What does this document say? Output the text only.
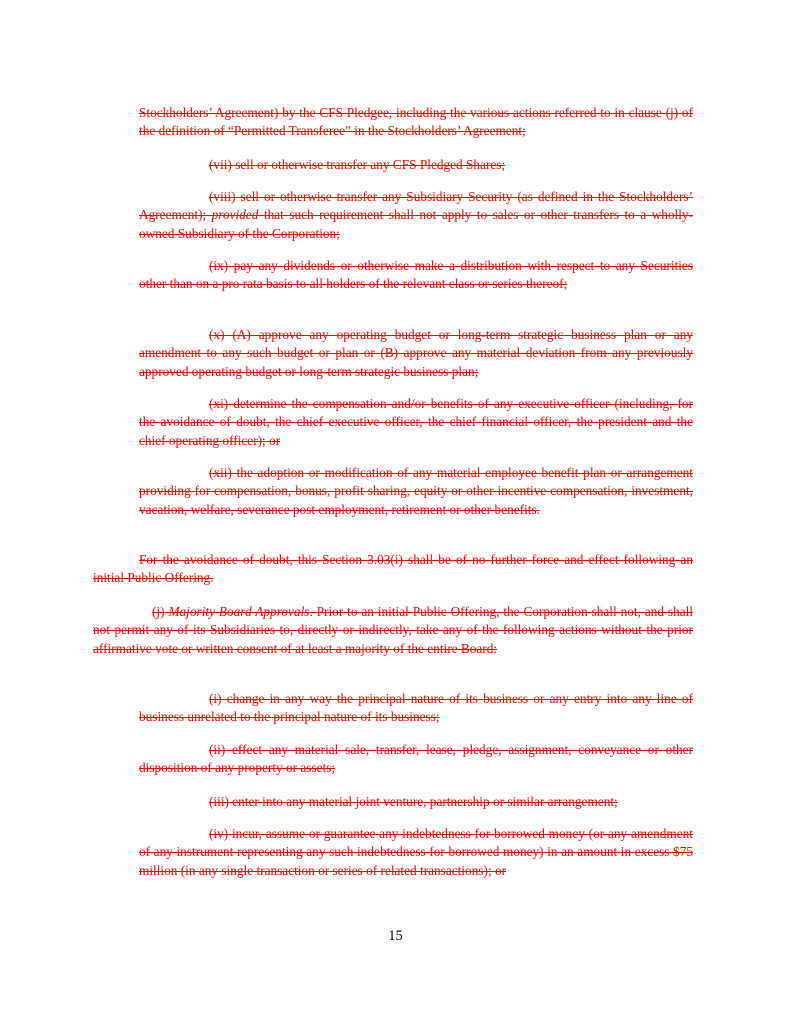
Stockholders’ Agreement) by the CFS Pledgee, including the various actions referred to in clause (j) of the definition of “Permitted Transferee” in the Stockholders’ Agreement;

(vii) sell or otherwise transfer any CFS Pledged Shares;

(viii) sell or otherwise transfer any Subsidiary Security (as defined in the Stockholders’ Agreement); provided that such requirement shall not apply to sales or other transfers to a wholly-owned Subsidiary of the Corporation;

(ix) pay any dividends or otherwise make a distribution with respect to any Securities other than on a pro rata basis to all holders of the relevant class or series thereof;

(x) (A) approve any operating budget or long-term strategic business plan or any amendment to any such budget or plan or (B) approve any material deviation from any previously approved operating budget or long-term strategic business plan;

(xi) determine the compensation and/or benefits of any executive officer (including, for the avoidance of doubt, the chief executive officer, the chief financial officer, the president and the chief operating officer); or

(xii) the adoption or modification of any material employee benefit plan or arrangement providing for compensation, bonus, profit sharing, equity or other incentive compensation, investment, vacation, welfare, severance post employment, retirement or other benefits.

For the avoidance of doubt, this Section 3.03(i) shall be of no further force and effect following an initial Public Offering.

(j) Majority Board Approvals. Prior to an initial Public Offering, the Corporation shall not, and shall not permit any of its Subsidiaries to, directly or indirectly, take any of the following actions without the prior affirmative vote or written consent of at least a majority of the entire Board:

(i) change in any way the principal nature of its business or any entry into any line of business unrelated to the principal nature of its business;

(ii) effect any material sale, transfer, lease, pledge, assignment, conveyance or other disposition of any property or assets;

(iii) enter into any material joint venture, partnership or similar arrangement;

(iv) incur, assume or guarantee any indebtedness for borrowed money (or any amendment of any instrument representing any such indebtedness for borrowed money) in an amount in excess $75 million (in any single transaction or series of related transactions); or

15
